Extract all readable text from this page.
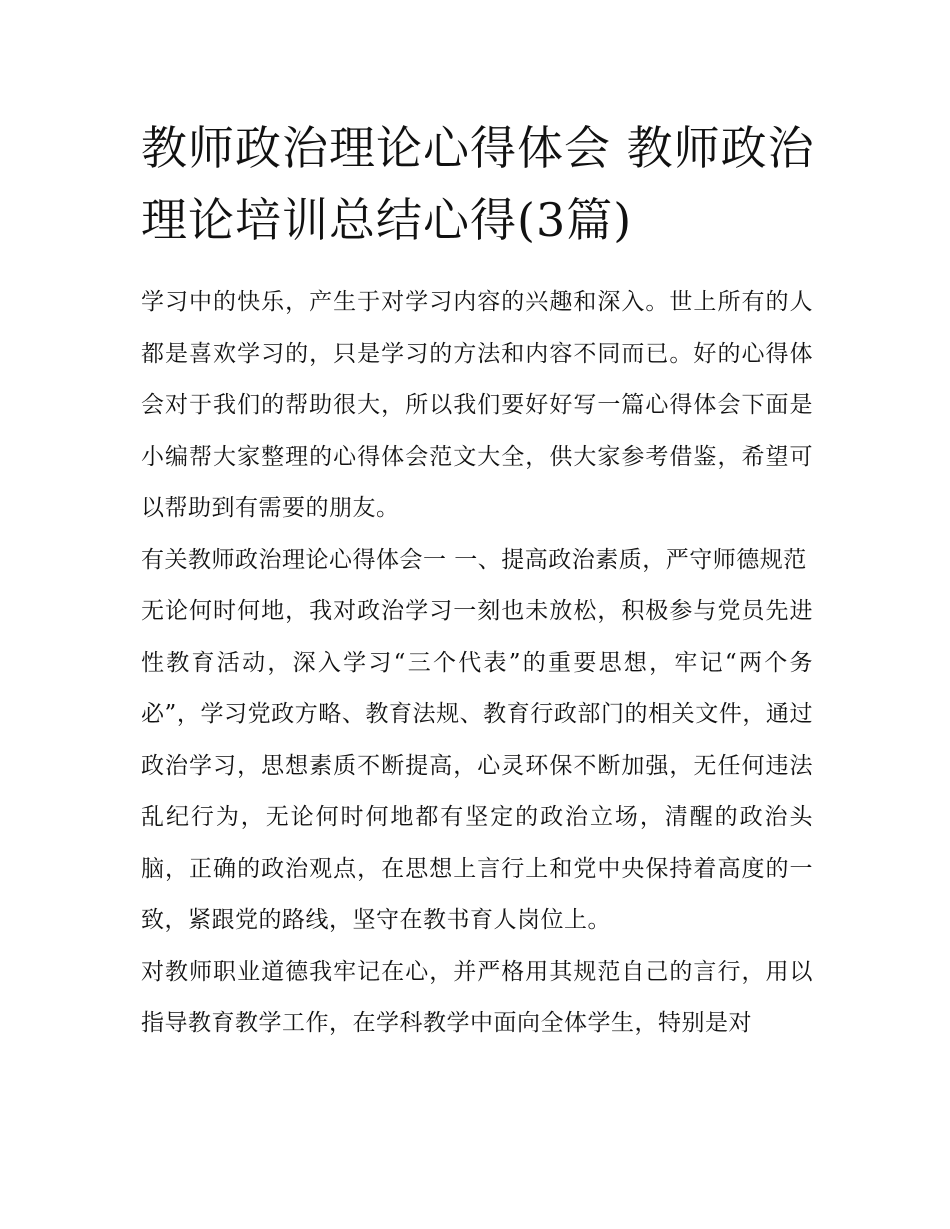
教师政治理论心得体会 教师政治理论培训总结心得(3篇)

学习中的快乐，产生于对学习内容的兴趣和深入。世上所有的人都是喜欢学习的，只是学习的方法和内容不同而已。好的心得体会对于我们的帮助很大，所以我们要好好写一篇心得体会下面是小编帮大家整理的心得体会范文大全，供大家参考借鉴，希望可以帮助到有需要的朋友。

有关教师政治理论心得体会一 一、提高政治素质，严守师德规范

无论何时何地，我对政治学习一刻也未放松，积极参与党员先进性教育活动，深入学习“三个代表”的重要思想，牢记“两个务必”，学习党政方略、教育法规、教育行政部门的相关文件，通过政治学习，思想素质不断提高，心灵环保不断加强，无任何违法乱纪行为，无论何时何地都有坚定的政治立场，清醒的政治头脑，正确的政治观点，在思想上言行上和党中央保持着高度的一致，紧跟党的路线，坚守在教书育人岗位上。

对教师职业道德我牢记在心，并严格用其规范自己的言行，用以指导教育教学工作，在学科教学中面向全体学生，特别是对
